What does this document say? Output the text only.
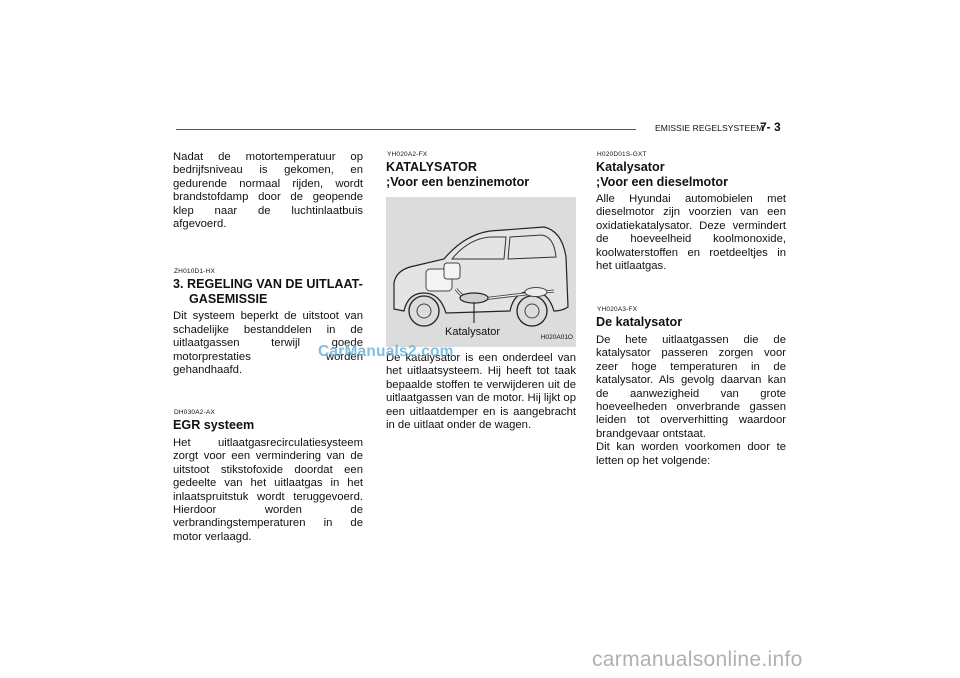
EMISSIE REGELSYSTEEM
7- 3

Nadat de motortemperatuur op bedrijfsniveau is gekomen, en gedurende normaal rijden, wordt brandstofdamp door de geopende klep naar de luchtinlaatbuis afgevoerd.

ZH010D1-HX
3. REGELING VAN DE UITLAAT-GASEMISSIE

Dit systeem beperkt de uitstoot van schadelijke bestanddelen in de uitlaatgassen terwijl goede motorprestaties worden gehandhaafd.

DH030A2-AX
EGR systeem

Het uitlaatgasrecirculatiesysteem zorgt voor een vermindering van de uitstoot stikstofoxide doordat een gedeelte van het uitlaatgas in het inlaatspruitstuk wordt teruggevoerd. Hierdoor worden de verbrandingstemperaturen in de motor verlaagd.

YH020A2-FX
KATALYSATOR
;Voor een benzinemotor
Katalysator	H020A01O

De katalysator is een onderdeel van het uitlaatsysteem. Hij heeft tot taak bepaalde stoffen te verwijderen uit de uitlaatgassen van de motor. Hij lijkt op een uitlaatdemper en is aangebracht in de uitlaat onder de wagen.

H020D01S-GXT
Katalysator
;Voor een dieselmotor

Alle Hyundai automobielen met dieselmotor zijn voorzien van een oxidatiekatalysator. Deze vermindert de hoeveelheid koolmonoxide, koolwaterstoffen en roetdeeltjes in het uitlaatgas.

YH020A3-FX
De katalysator

De hete uitlaatgassen die de katalysator passeren zorgen voor zeer hoge temperaturen in de katalysator. Als gevolg daarvan kan de aanwezigheid van grote hoeveelheden onverbrande gassen leiden tot oververhitting waardoor brandgevaar ontstaat.

Dit kan worden voorkomen door te letten op het volgende:

CarManuals2.com
carmanualsonline.info
